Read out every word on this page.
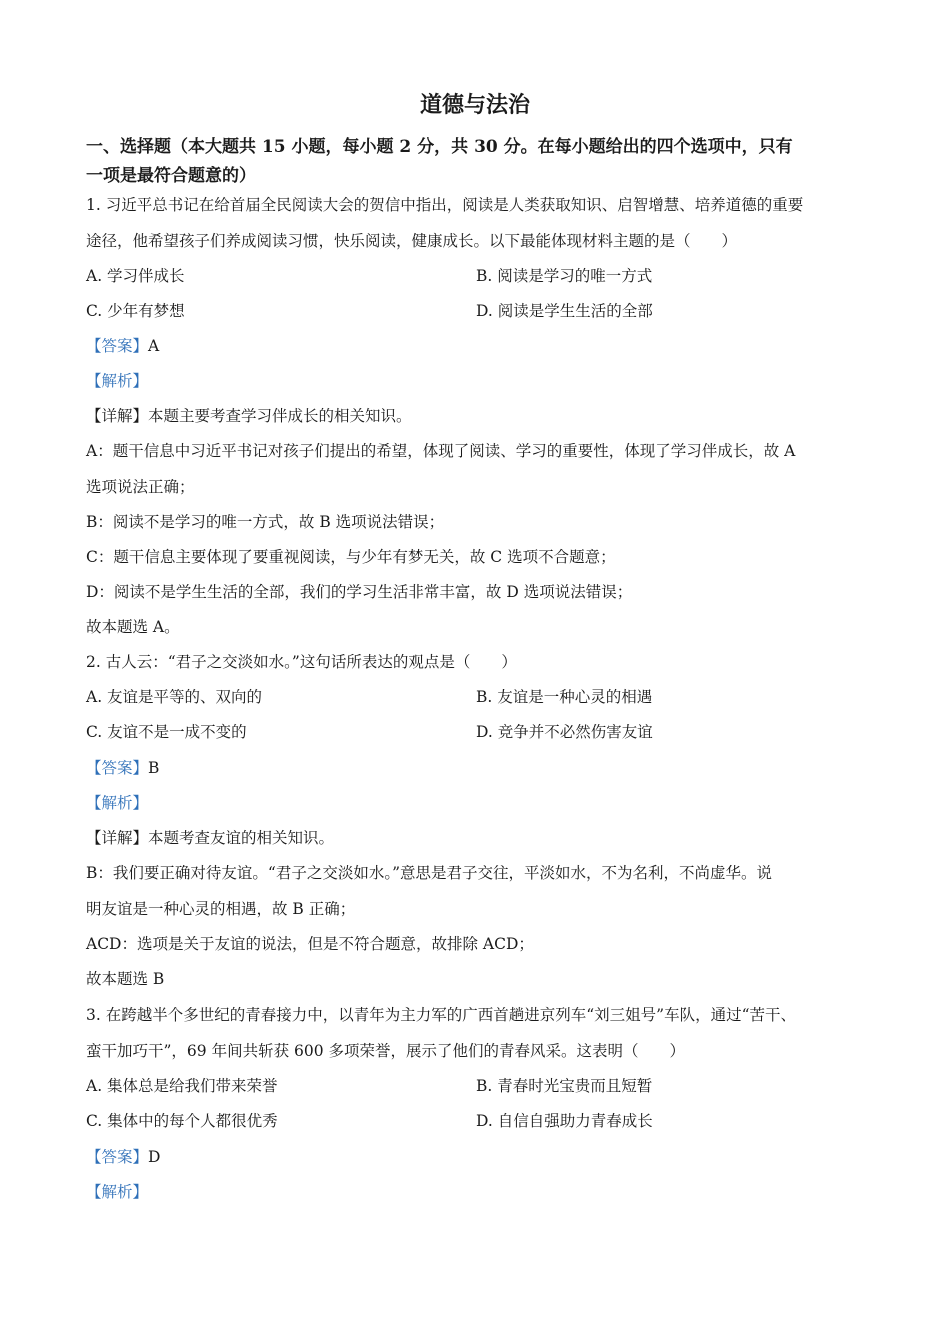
道德与法治
一、选择题（本大题共 15 小题，每小题 2 分，共 30 分。在每小题给出的四个选项中，只有
一项是最符合题意的）
1. 习近平总书记在给首届全民阅读大会的贺信中指出，阅读是人类获取知识、启智增慧、培养道德的重要
途径，他希望孩子们养成阅读习惯，快乐阅读，健康成长。以下最能体现材料主题的是（　　）
A. 学习伴成长	B. 阅读是学习的唯一方式
C. 少年有梦想	D. 阅读是学生生活的全部
【答案】A
【解析】
【详解】本题主要考查学习伴成长的相关知识。
A：题干信息中习近平书记对孩子们提出的希望，体现了阅读、学习的重要性，体现了学习伴成长，故 A
选项说法正确；
B：阅读不是学习的唯一方式，故 B 选项说法错误；
C：题干信息主要体现了要重视阅读，与少年有梦无关，故 C 选项不合题意；
D：阅读不是学生生活的全部，我们的学习生活非常丰富，故 D 选项说法错误；
故本题选 A。
2. 古人云：“君子之交淡如水。”这句话所表达的观点是（　　）
A. 友谊是平等的、双向的	B. 友谊是一种心灵的相遇
C. 友谊不是一成不变的	D. 竞争并不必然伤害友谊
【答案】B
【解析】
【详解】本题考查友谊的相关知识。
B：我们要正确对待友谊。“君子之交淡如水。”意思是君子交往，平淡如水，不为名利，不尚虚华。说
明友谊是一种心灵的相遇，故 B 正确；
ACD：选项是关于友谊的说法，但是不符合题意，故排除 ACD；
故本题选 B
3. 在跨越半个多世纪的青春接力中，以青年为主力军的广西首趟进京列车“刘三姐号”车队，通过“苦干、
蛮干加巧干”，69 年间共斩获 600 多项荣誉，展示了他们的青春风采。这表明（　　）
A. 集体总是给我们带来荣誉	B. 青春时光宝贵而且短暂
C. 集体中的每个人都很优秀	D. 自信自强助力青春成长
【答案】D
【解析】
